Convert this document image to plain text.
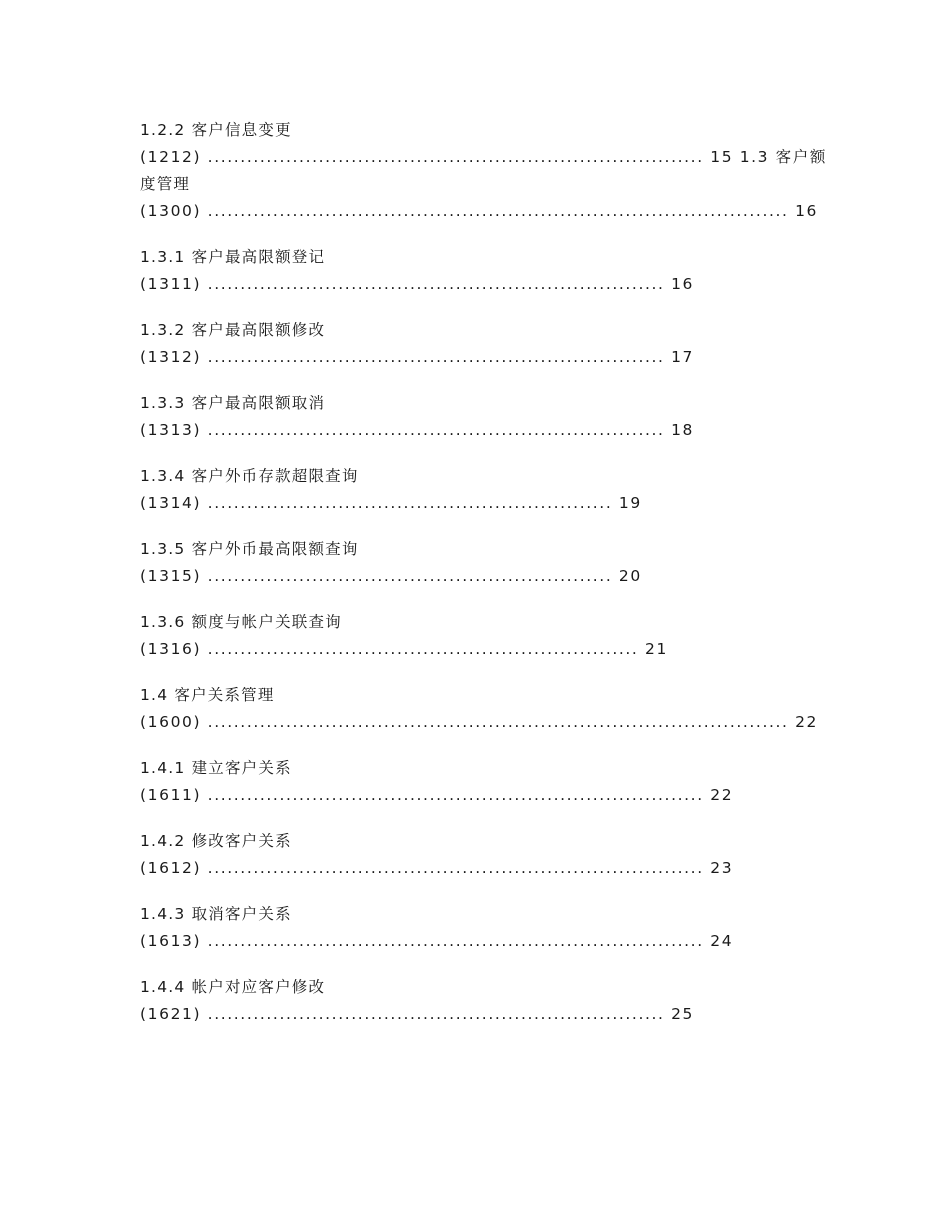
1.2.2 客户信息变更
(1212) ............................................................................ 15 1.3 客户额
度管理
(1300) ......................................................................................... 16
1.3.1 客户最高限额登记
(1311) ...................................................................... 16
1.3.2 客户最高限额修改
(1312) ...................................................................... 17
1.3.3 客户最高限额取消
(1313) ...................................................................... 18
1.3.4 客户外币存款超限查询
(1314) .............................................................. 19
1.3.5 客户外币最高限额查询
(1315) .............................................................. 20
1.3.6 额度与帐户关联查询
(1316) .................................................................. 21
1.4 客户关系管理
(1600) ......................................................................................... 22
1.4.1 建立客户关系
(1611) ............................................................................ 22
1.4.2 修改客户关系
(1612) ............................................................................ 23
1.4.3 取消客户关系
(1613) ............................................................................ 24
1.4.4 帐户对应客户修改
(1621) ...................................................................... 25
